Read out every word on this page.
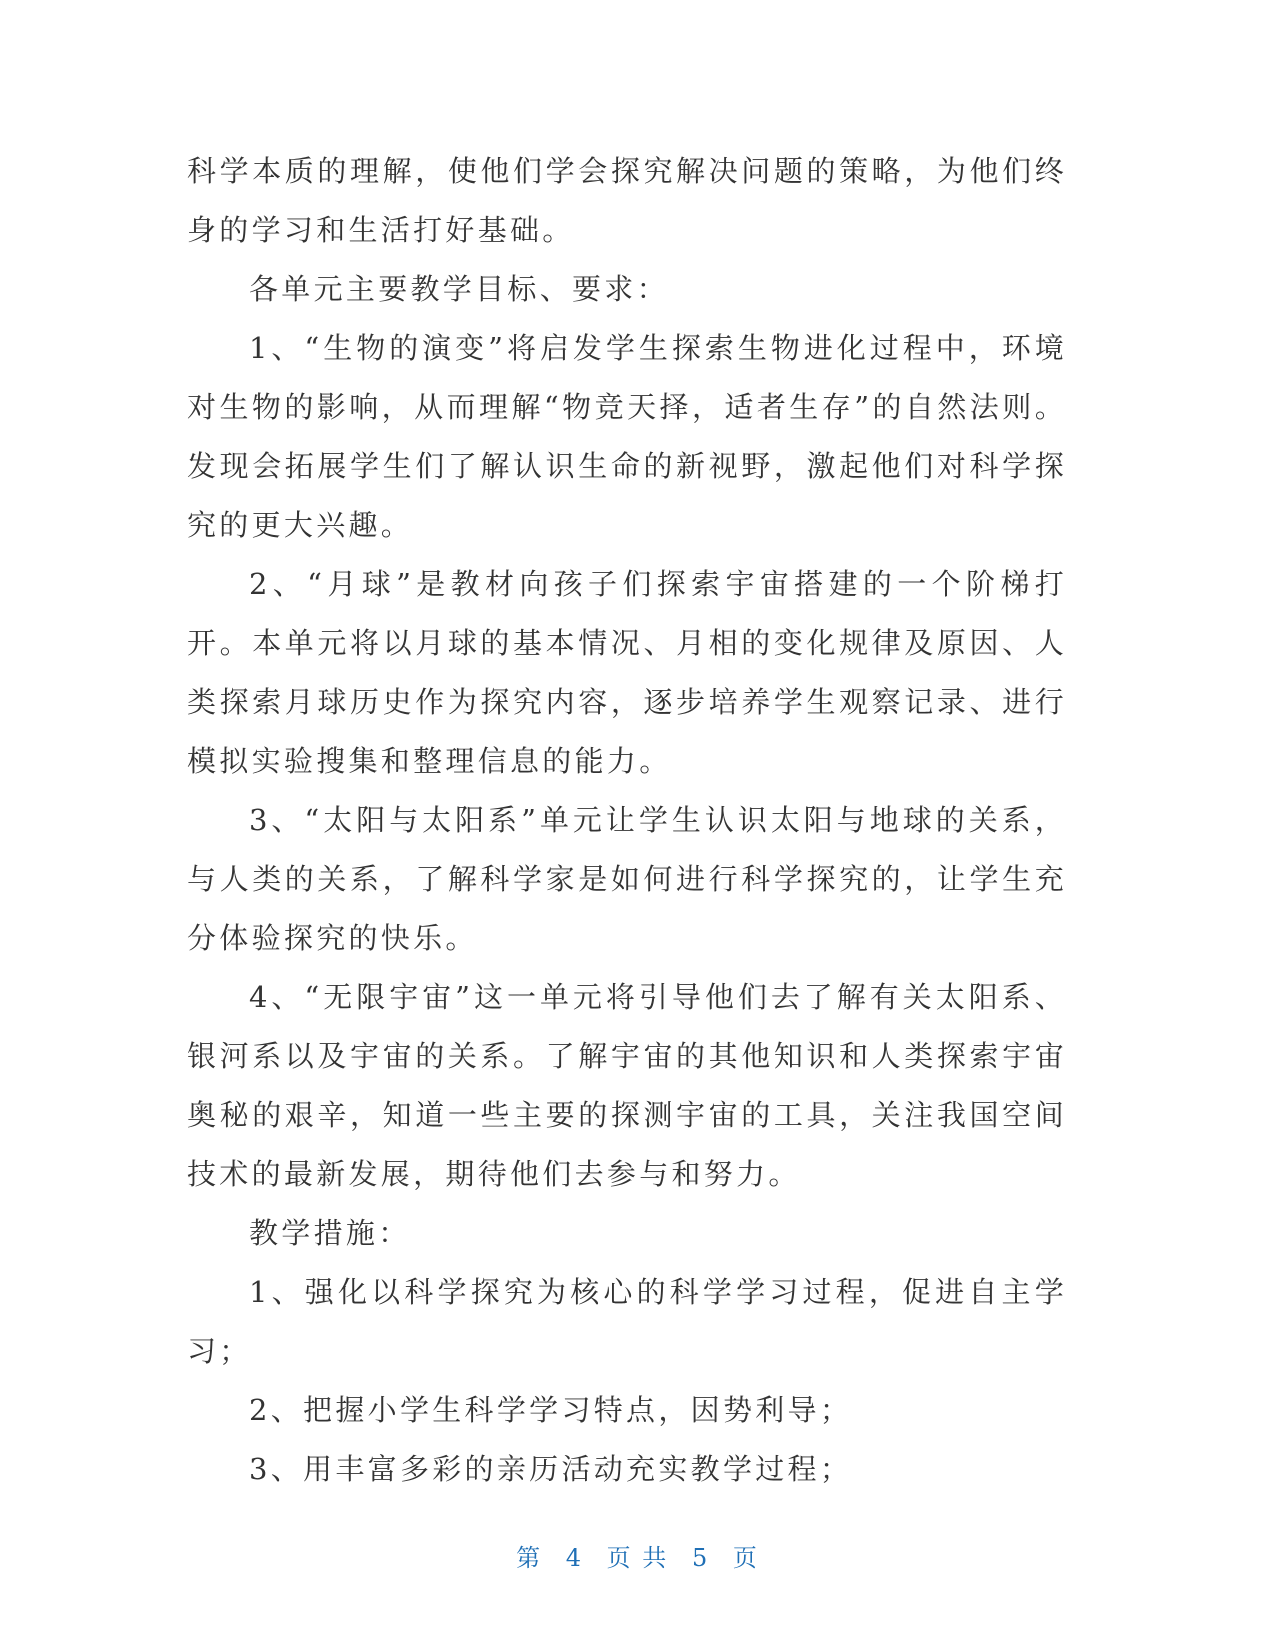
科学本质的理解，使他们学会探究解决问题的策略，为他们终身的学习和生活打好基础。

各单元主要教学目标、要求：

1、“生物的演变”将启发学生探索生物进化过程中，环境对生物的影响，从而理解“物竞天择，适者生存”的自然法则。发现会拓展学生们了解认识生命的新视野，激起他们对科学探究的更大兴趣。

2、“月球”是教材向孩子们探索宇宙搭建的一个阶梯打开。本单元将以月球的基本情况、月相的变化规律及原因、人类探索月球历史作为探究内容，逐步培养学生观察记录、进行模拟实验搜集和整理信息的能力。

3、“太阳与太阳系”单元让学生认识太阳与地球的关系，与人类的关系，了解科学家是如何进行科学探究的，让学生充分体验探究的快乐。

4、“无限宇宙”这一单元将引导他们去了解有关太阳系、银河系以及宇宙的关系。了解宇宙的其他知识和人类探索宇宙奥秘的艰辛，知道一些主要的探测宇宙的工具，关注我国空间技术的最新发展，期待他们去参与和努力。

教学措施：

1、强化以科学探究为核心的科学学习过程，促进自主学习；

2、把握小学生科学学习特点，因势利导；

3、用丰富多彩的亲历活动充实教学过程；

第 4 页 共 5 页
